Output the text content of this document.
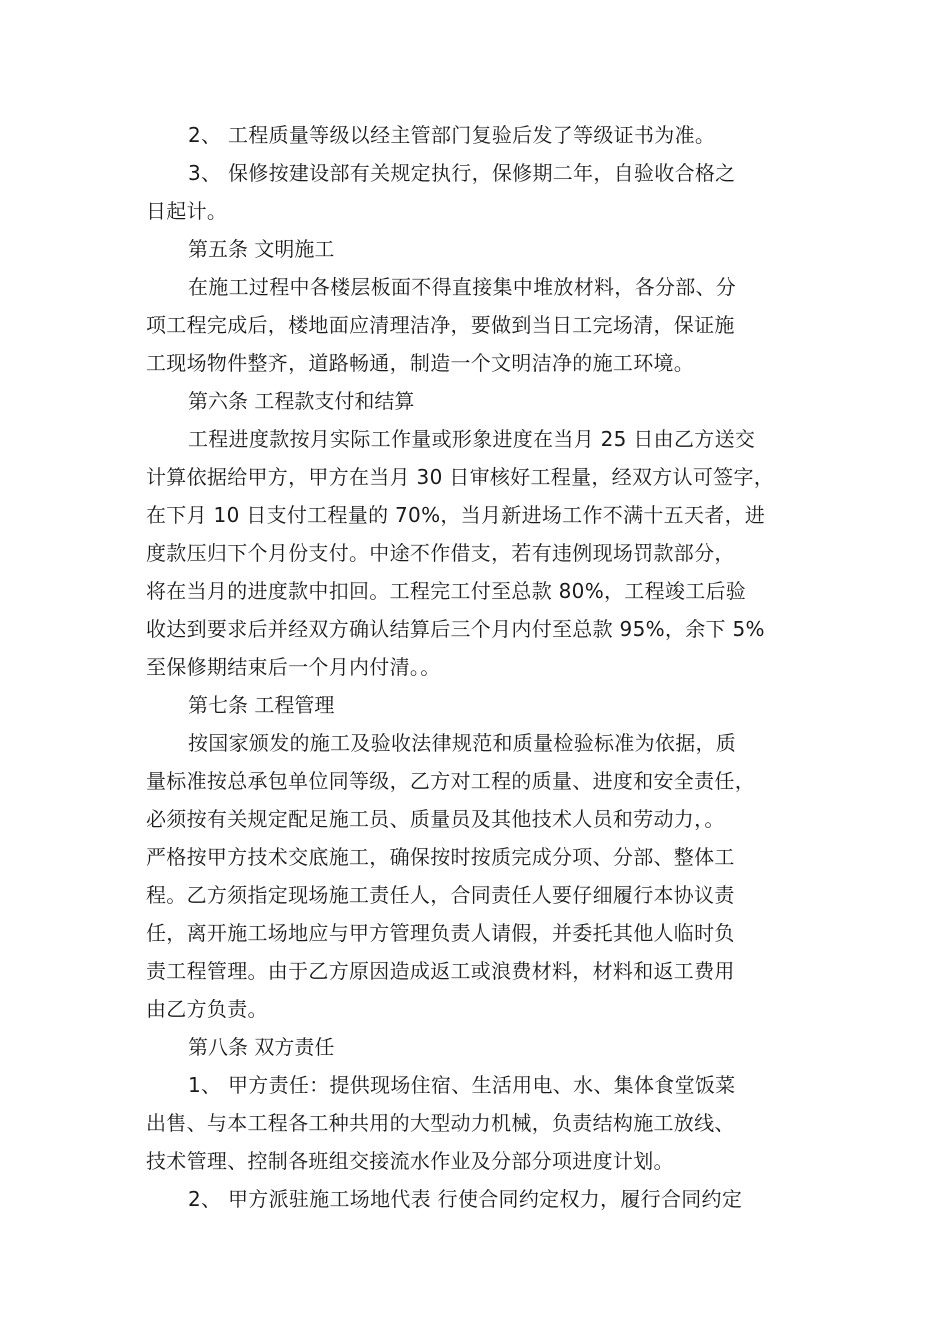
2、 工程质量等级以经主管部门复验后发了等级证书为准。
3、 保修按建设部有关规定执行，保修期二年，自验收合格之
日起计。
第五条 文明施工
在施工过程中各楼层板面不得直接集中堆放材料，各分部、分
项工程完成后，楼地面应清理洁净，要做到当日工完场清，保证施
工现场物件整齐，道路畅通，制造一个文明洁净的施工环境。
第六条 工程款支付和结算
工程进度款按月实际工作量或形象进度在当月 25 日由乙方送交
计算依据给甲方，甲方在当月 30 日审核好工程量，经双方认可签字，
在下月 10 日支付工程量的 70%，当月新进场工作不满十五天者，进
度款压归下个月份支付。中途不作借支，若有违例现场罚款部分，
将在当月的进度款中扣回。工程完工付至总款 80%，工程竣工后验
收达到要求后并经双方确认结算后三个月内付至总款 95%，余下 5%
至保修期结束后一个月内付清。。
第七条 工程管理
按国家颁发的施工及验收法律规范和质量检验标准为依据，质
量标准按总承包单位同等级，乙方对工程的质量、进度和安全责任，
必须按有关规定配足施工员、质量员及其他技术人员和劳动力，。
严格按甲方技术交底施工，确保按时按质完成分项、分部、整体工
程。乙方须指定现场施工责任人，合同责任人要仔细履行本协议责
任，离开施工场地应与甲方管理负责人请假，并委托其他人临时负
责工程管理。由于乙方原因造成返工或浪费材料，材料和返工费用
由乙方负责。
第八条 双方责任
1、 甲方责任：提供现场住宿、生活用电、水、集体食堂饭菜
出售、与本工程各工种共用的大型动力机械，负责结构施工放线、
技术管理、控制各班组交接流水作业及分部分项进度计划。
2、 甲方派驻施工场地代表 行使合同约定权力，履行合同约定
